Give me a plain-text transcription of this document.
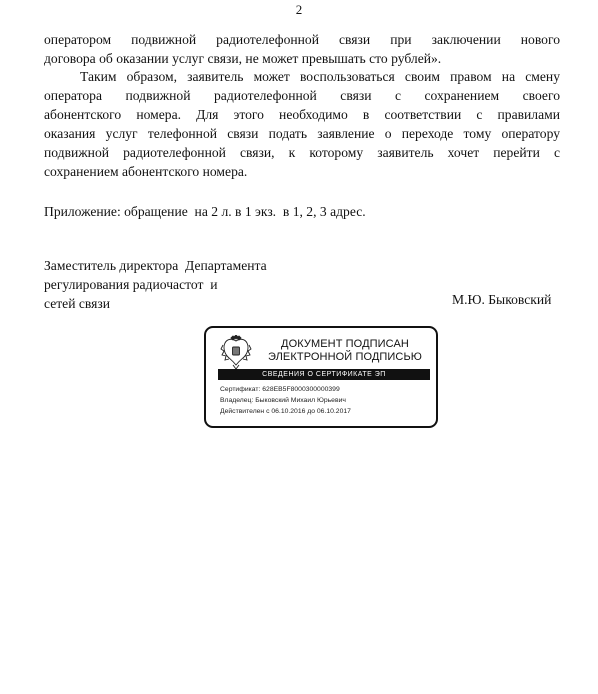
2
оператором подвижной радиотелефонной связи при заключении нового
договора об оказании услуг связи, не может превышать сто рублей».
Таким образом, заявитель может воспользоваться своим правом на смену
оператора подвижной радиотелефонной связи с сохранением своего
абонентского номера. Для этого необходимо в соответствии с правилами
оказания услуг телефонной связи подать заявление о переходе тому оператору
подвижной радиотелефонной связи, к которому заявитель хочет перейти с
сохранением абонентского номера.
Приложение: обращение  на 2 л. в 1 экз.  в 1, 2, 3 адрес.
Заместитель директора  Департамента
регулирования радиочастот  и
сетей связи	М.Ю. Быковский
ДОКУМЕНТ ПОДПИСАН
ЭЛЕКТРОННОЙ ПОДПИСЬЮ
СВЕДЕНИЯ О СЕРТИФИКАТЕ ЭП
Сертификат: 628EB5F8000300000399
Владелец: Быковский Михаил Юрьевич
Действителен с 06.10.2016 до 06.10.2017
